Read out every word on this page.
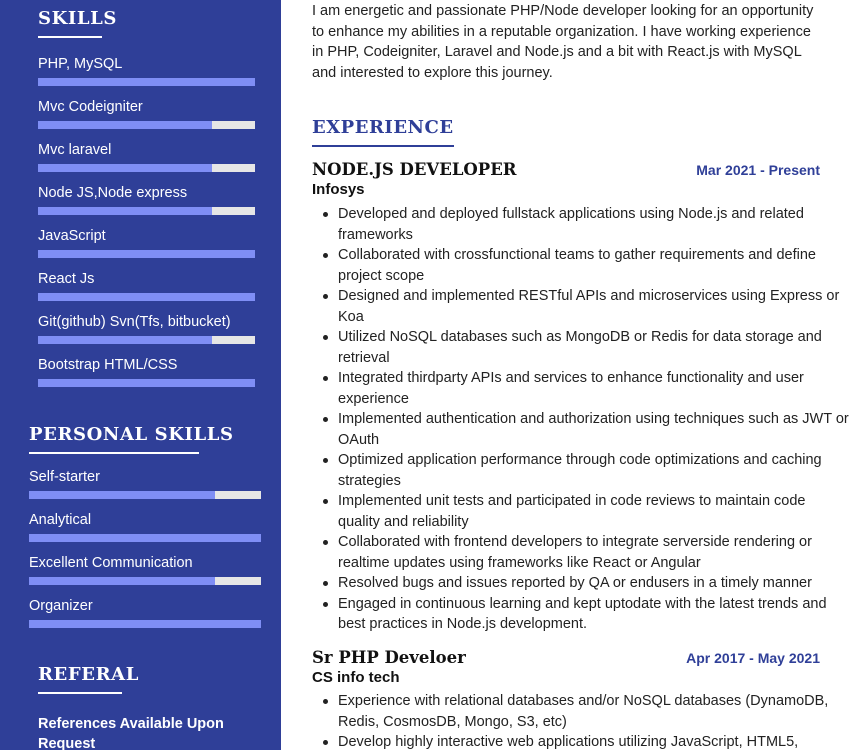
SKILLS
PHP, MySQL
Mvc Codeigniter
Mvc laravel
Node JS,Node express
JavaScript
React Js
Git(github) Svn(Tfs, bitbucket)
Bootstrap HTML/CSS
PERSONAL SKILLS
Self-starter
Analytical
Excellent Communication
Organizer
REFERAL
References Available Upon Request
I am energetic and passionate PHP/Node developer looking for an opportunity to enhance my abilities in a reputable organization. I have working experience in PHP, Codeigniter, Laravel and Node.js and a bit with React.js with MySQL and interested to explore this journey.
EXPERIENCE
NODE.JS DEVELOPER	Mar 2021 - Present
Infosys
Developed and deployed fullstack applications using Node.js and related frameworks
Collaborated with crossfunctional teams to gather requirements and define project scope
Designed and implemented RESTful APIs and microservices using Express or Koa
Utilized NoSQL databases such as MongoDB or Redis for data storage and retrieval
Integrated thirdparty APIs and services to enhance functionality and user experience
Implemented authentication and authorization using techniques such as JWT or OAuth
Optimized application performance through code optimizations and caching strategies
Implemented unit tests and participated in code reviews to maintain code quality and reliability
Collaborated with frontend developers to integrate serverside rendering or realtime updates using frameworks like React or Angular
Resolved bugs and issues reported by QA or endusers in a timely manner
Engaged in continuous learning and kept uptodate with the latest trends and best practices in Node.js development.
Sr PHP Develoer	Apr 2017 - May 2021
CS info tech
Experience with relational databases and/or NoSQL databases (DynamoDB, Redis, CosmosDB, Mongo, S3, etc)
Develop highly interactive web applications utilizing JavaScript, HTML5,
